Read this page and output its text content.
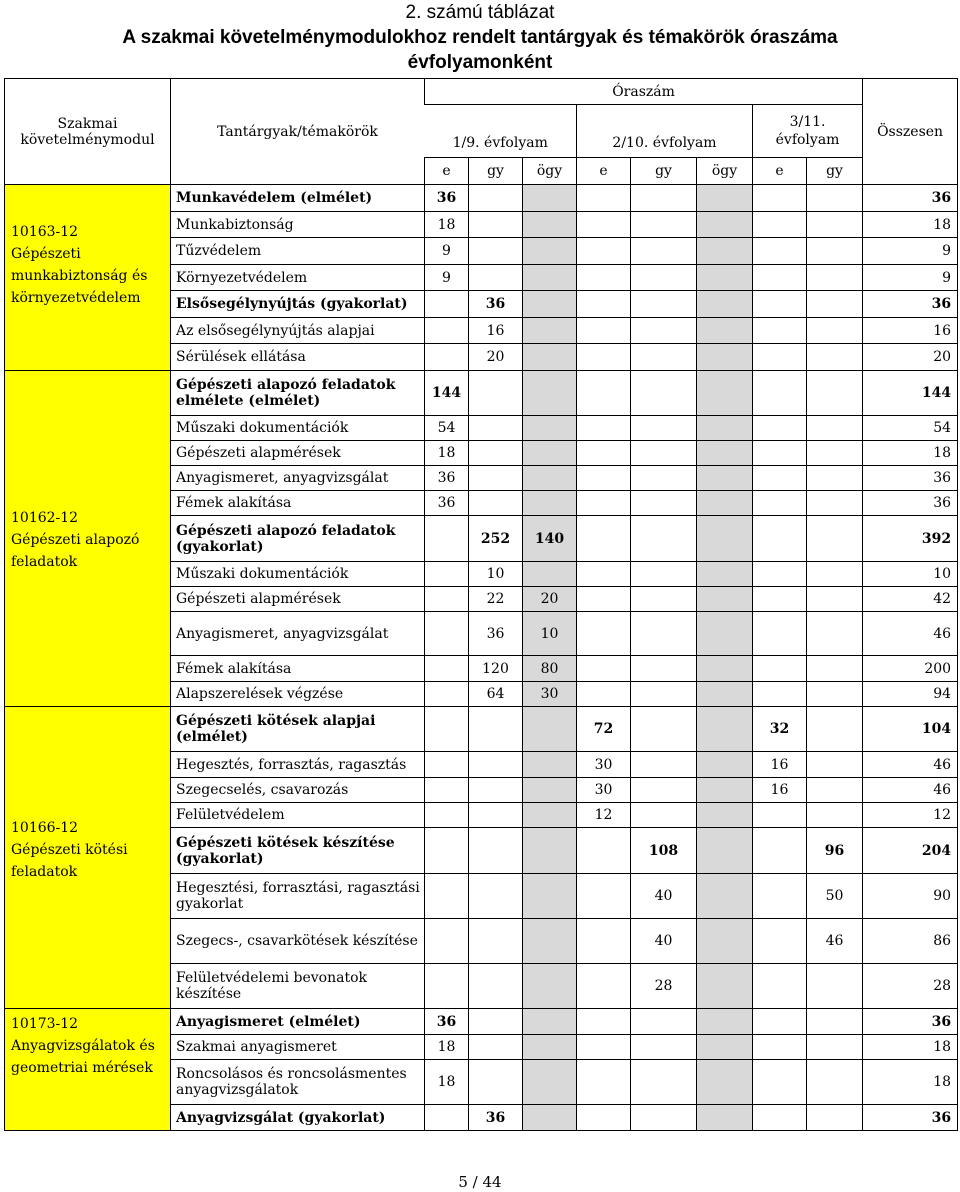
2. számú táblázat
A szakmai követelménymodulokhoz rendelt tantárgyak és témakörök óraszáma
évfolyamonként
Szakmai követelménymodul	Tantárgyak/témakörök	Óraszám								Összesen
		1/9. évfolyam			2/10. évfolyam			3/11. évfolyam		
		e	gy	ögy	e	gy	ögy	e	gy	

10163-12

Gépészeti munkabiztonság és környezetvédelem	Munkavédelem (elmélet)	36								36
	Munkabiztonság	18								18
	Tűzvédelem	9								9
	Környezetvédelem	9								9
	Elsősegélynyújtás (gyakorlat)		36							36
	Az elsősegélynyújtás alapjai		16							16
	Sérülések ellátása		20							20

10162-12

Gépészeti alapozó feladatok	Gépészeti alapozó feladatok elmélete (elmélet)	144								144
	Műszaki dokumentációk	54								54
	Gépészeti alapmérések	18								18
	Anyagismeret, anyagvizsgálat	36								36
	Fémek alakítása	36								36
	Gépészeti alapozó feladatok (gyakorlat)		252	140						392
	Műszaki dokumentációk		10							10
	Gépészeti alapmérések		22	20						42
	Anyagismeret, anyagvizsgálat		36	10						46
	Fémek alakítása		120	80						200
	Alapszerelések végzése		64	30						94

10166-12

Gépészeti kötési feladatok	Gépészeti kötések alapjai (elmélet)				72			32		104
	Hegesztés, forrasztás, ragasztás				30			16		46
	Szegecselés, csavarozás				30			16		46
	Felületvédelem				12					12
	Gépészeti kötések készítése (gyakorlat)					108			96	204
	Hegesztési, forrasztási, ragasztási gyakorlat					40			50	90
	Szegecs-, csavarkötések készítése					40			46	86
	Felületvédelemi bevonatok készítése					28				28

10173-12

Anyagvizsgálatok és geometriai mérések	Anyagismeret (elmélet)	36								36
	Szakmai anyagismeret	18								18
	Roncsolásos és roncsolásmentes anyagvizsgálatok	18								18
	Anyagvizsgálat (gyakorlat)		36							36
5 / 44
